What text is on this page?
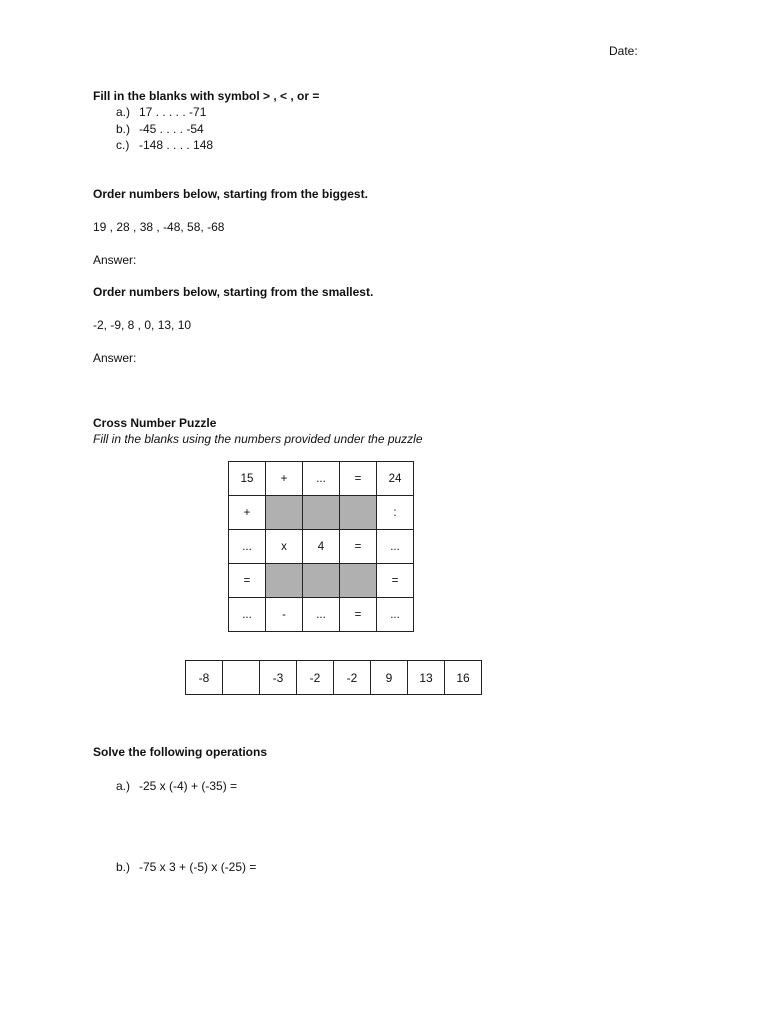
Date:
Fill in the blanks with symbol > , < , or =
a.) 17 . . . . . -71
b.) -45 . . . . -54
c.) -148 . . . . 148
Order numbers below, starting from the biggest.
19 , 28 , 38 , -48, 58, -68
Answer:
Order numbers below, starting from the smallest.
-2, -9, 8 , 0, 13, 10
Answer:
Cross Number Puzzle
Fill in the blanks using the numbers provided under the puzzle
15	+	...	=	24
+				:
...	x	4	=	...
=				=
...	-	...	=	...
-8		-3	-2	-2	9	13	16
Solve the following operations
a.) -25 x (-4) + (-35) =
b.) -75 x 3 + (-5) x (-25) =
